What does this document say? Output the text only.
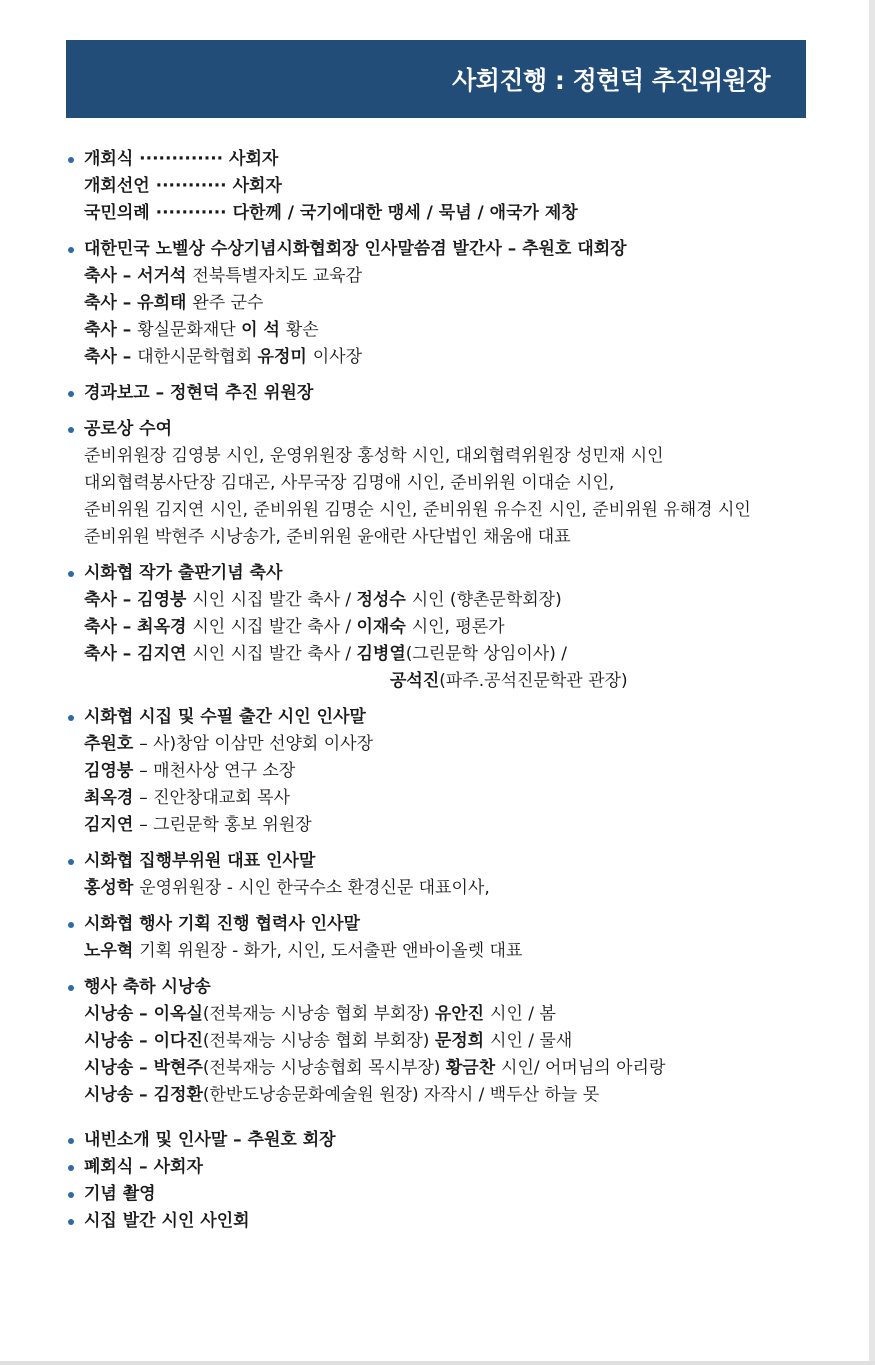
사회진행 : 정현덕 추진위원장
개회식 ············· 사회자
개회선언 ··········· 사회자
국민의례 ··········· 다한께 / 국기에대한 맹세 / 묵념 / 애국가 제창
대한민국 노벨상 수상기념시화협회장 인사말씀겸 발간사 – 추원호 대회장
축사 – 서거석 전북특별자치도 교육감
축사 – 유희태 완주 군수
축사 – 황실문화재단 이 석 황손
축사 – 대한시문학협회 유정미 이사장
경과보고 – 정현덕 추진 위원장
공로상 수여
준비위원장 김영붕 시인, 운영위원장 홍성학 시인, 대외협력위원장 성민재 시인
대외협력봉사단장 김대곤, 사무국장 김명애 시인, 준비위원 이대순 시인,
준비위원 김지연 시인, 준비위원 김명순 시인, 준비위원 유수진 시인, 준비위원 유해경 시인
준비위원 박현주 시낭송가, 준비위원 윤애란 사단법인 채움애 대표
시화협 작가 출판기념 축사
축사 – 김영붕 시인 시집 발간 축사 / 정성수 시인 (향촌문학회장)
축사 – 최옥경 시인 시집 발간 축사 / 이재숙 시인, 평론가
축사 – 김지연 시인 시집 발간 축사 / 김병열(그린문학 상임이사) /
공석진(파주.공석진문학관 관장)
시화협 시집 및 수필 출간 시인 인사말
추원호 – 사)창암 이삼만 선양회 이사장
김영붕 – 매천사상 연구 소장
최옥경 – 진안창대교회 목사
김지연 – 그린문학 홍보 위원장
시화협 집행부위원 대표 인사말
홍성학 운영위원장 - 시인 한국수소 환경신문 대표이사,
시화협 행사 기획 진행 협력사 인사말
노우혁 기획 위원장 - 화가, 시인, 도서출판 앤바이올렛 대표
행사 축하 시낭송
시낭송 – 이옥실(전북재능 시낭송 협회 부회장) 유안진 시인 / 봄
시낭송 – 이다진(전북재능 시낭송 협회 부회장) 문정희 시인 / 물새
시낭송 – 박현주(전북재능 시낭송협회 목시부장) 황금찬 시인/ 어머님의 아리랑
시낭송 – 김정환(한반도낭송문화예술원 원장) 자작시 / 백두산 하늘 못
내빈소개 및 인사말 – 추원호 회장
폐회식 – 사회자
기념 촬영
시집 발간 시인 사인회
